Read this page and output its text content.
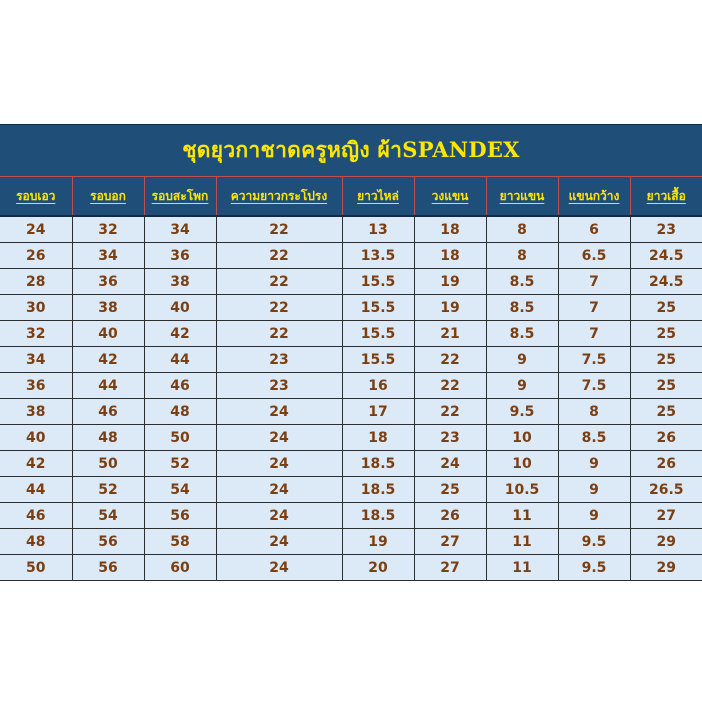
ชุดยุวกาชาดครูหญิง ผ้าSPANDEX
รอบเอว	รอบอก	รอบสะโพก	ความยาวกระโปรง	ยาวไหล่	วงแขน	ยาวแขน	แขนกว้าง	ยาวเสื้อ
24	32	34	22	13	18	8	6	23
26	34	36	22	13.5	18	8	6.5	24.5
28	36	38	22	15.5	19	8.5	7	24.5
30	38	40	22	15.5	19	8.5	7	25
32	40	42	22	15.5	21	8.5	7	25
34	42	44	23	15.5	22	9	7.5	25
36	44	46	23	16	22	9	7.5	25
38	46	48	24	17	22	9.5	8	25
40	48	50	24	18	23	10	8.5	26
42	50	52	24	18.5	24	10	9	26
44	52	54	24	18.5	25	10.5	9	26.5
46	54	56	24	18.5	26	11	9	27
48	56	58	24	19	27	11	9.5	29
50	56	60	24	20	27	11	9.5	29
